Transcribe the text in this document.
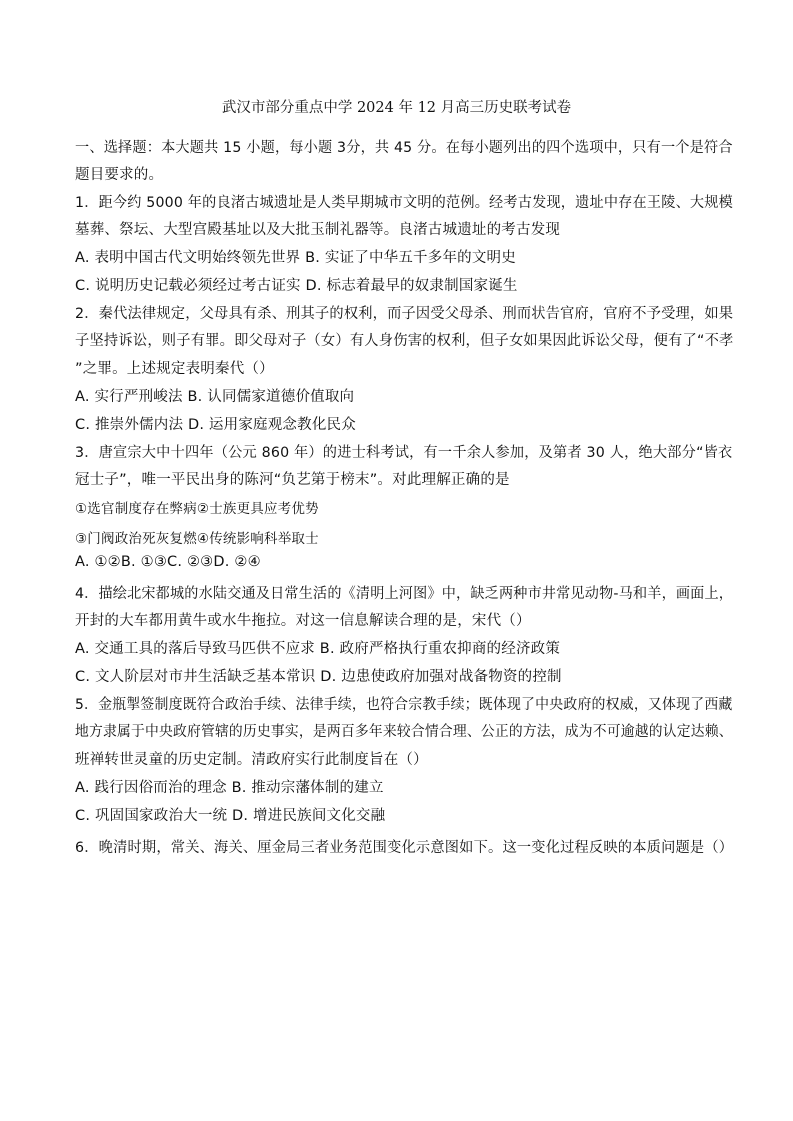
武汉市部分重点中学 2024 年 12 月高三历史联考试卷
一、选择题：本大题共 15 小题，每小题 3分，共 45 分。在每小题列出的四个选项中，只有一个是符合
题目要求的。
1．距今约 5000 年的良渚古城遗址是人类早期城市文明的范例。经考古发现，遗址中存在王陵、大规模
墓葬、祭坛、大型宫殿基址以及大批玉制礼器等。良渚古城遗址的考古发现
A. 表明中国古代文明始终领先世界 B. 实证了中华五千多年的文明史
C. 说明历史记载必须经过考古证实 D. 标志着最早的奴隶制国家诞生
2．秦代法律规定，父母具有杀、刑其子的权利，而子因受父母杀、刑而状告官府，官府不予受理，如果
子坚持诉讼，则子有罪。即父母对子（女）有人身伤害的权利，但子女如果因此诉讼父母，便有了“不孝
”之罪。上述规定表明秦代（）
A. 实行严刑峻法 B. 认同儒家道德价值取向
C. 推崇外儒内法 D. 运用家庭观念教化民众
3．唐宣宗大中十四年（公元 860 年）的进士科考试，有一千余人参加，及第者 30 人，绝大部分“皆衣
冠士子”，唯一平民出身的陈河“负艺第于榜末”。对此理解正确的是
①选官制度存在弊病②士族更具应考优势
③门阀政治死灰复燃④传统影响科举取士
A. ①②B. ①③C. ②③D. ②④
4．描绘北宋都城的水陆交通及日常生活的《清明上河图》中，缺乏两种市井常见动物-马和羊，画面上，
开封的大车都用黄牛或水牛拖拉。对这一信息解读合理的是，宋代（）
A. 交通工具的落后导致马匹供不应求 B. 政府严格执行重农抑商的经济政策
C. 文人阶层对市井生活缺乏基本常识 D. 边患使政府加强对战备物资的控制
5．金瓶掣签制度既符合政治手续、法律手续，也符合宗教手续；既体现了中央政府的权威，又体现了西藏
地方隶属于中央政府管辖的历史事实，是两百多年来较合情合理、公正的方法，成为不可逾越的认定达赖、
班禅转世灵童的历史定制。清政府实行此制度旨在（）
A. 践行因俗而治的理念 B. 推动宗藩体制的建立
C. 巩固国家政治大一统 D. 增进民族间文化交融
6．晚清时期，常关、海关、厘金局三者业务范围变化示意图如下。这一变化过程反映的本质问题是（）
